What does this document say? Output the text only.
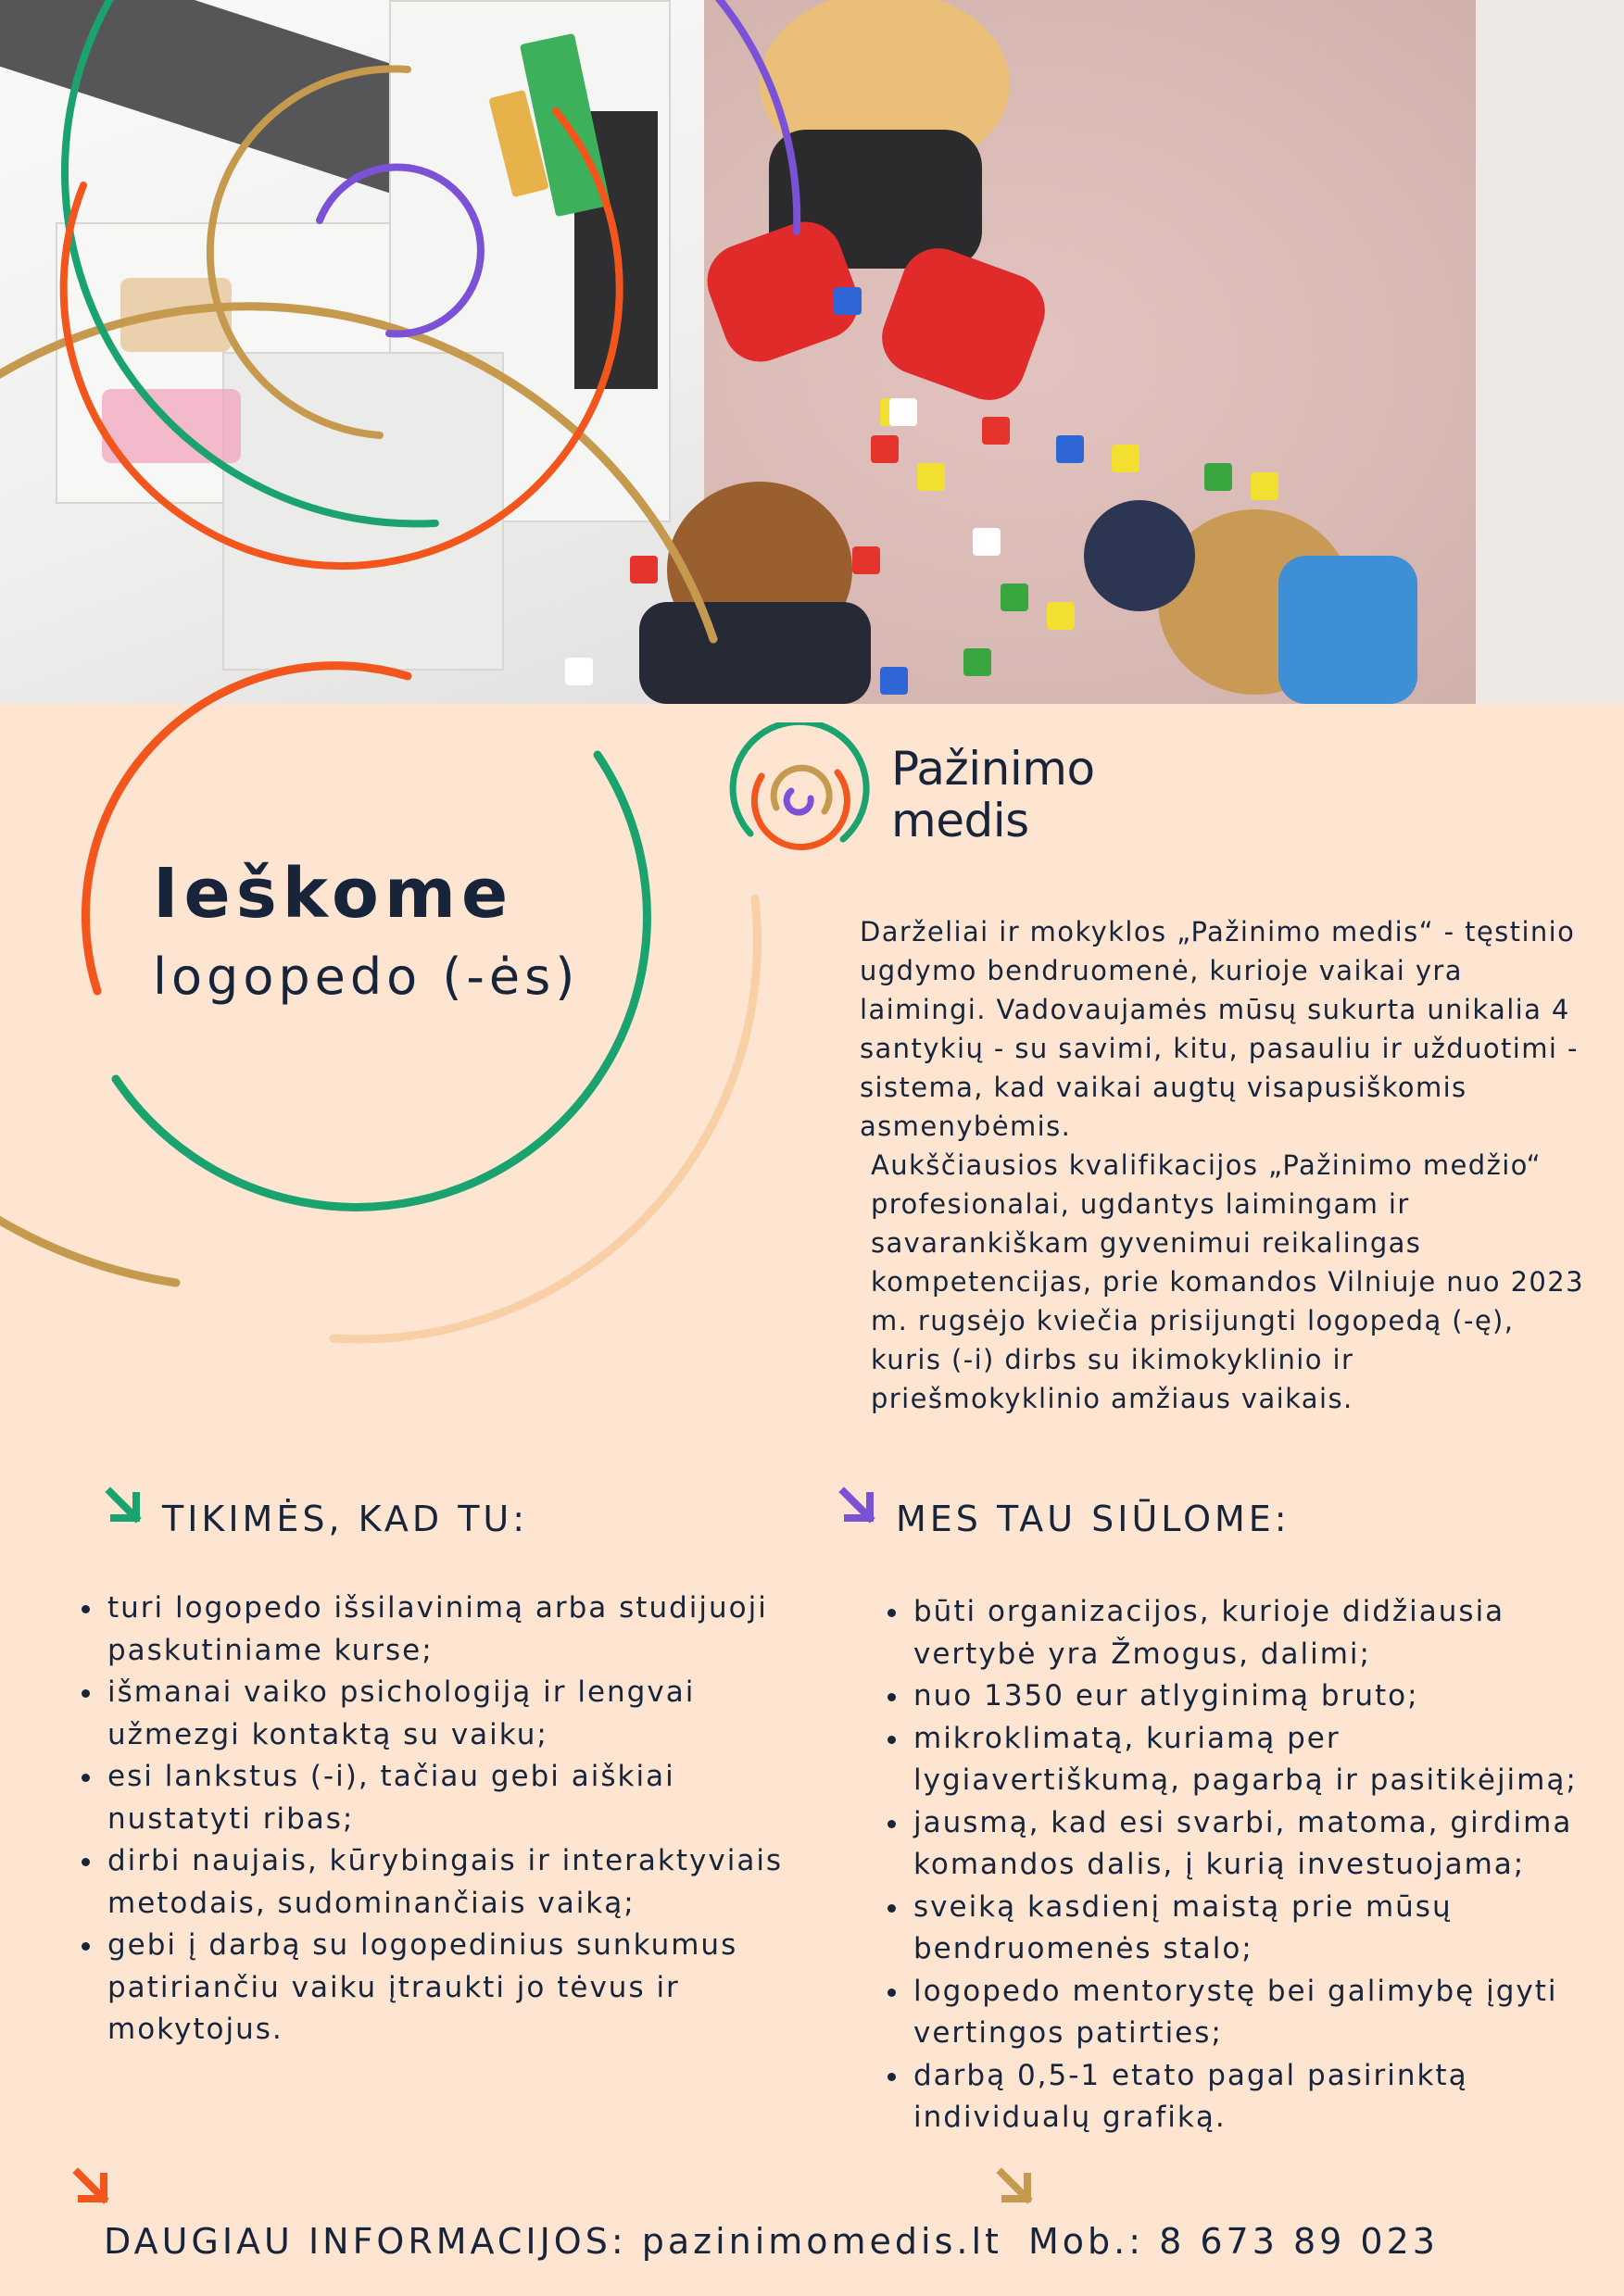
Pažinimo
medis
Ieškome
logopedo (-ės)

Darželiai ir mokyklos „Pažinimo medis“ - tęstinio ugdymo bendruomenė, kurioje vaikai yra laimingi. Vadovaujamės mūsų sukurta unikalia 4 santykių - su savimi, kitu, pasauliu ir užduotimi - sistema, kad vaikai augtų visapusiškomis asmenybėmis.

Aukščiausios kvalifikacijos „Pažinimo medžio“ profesionalai, ugdantys laimingam ir savarankiškam gyvenimui reikalingas kompetencijas, prie komandos Vilniuje nuo 2023 m. rugsėjo kviečia prisijungti logopedą (-ę), kuris (-i) dirbs su ikimokyklinio ir priešmokyklinio amžiaus vaikais.

TIKIMĖS, KAD TU:
turi logopedo išsilavinimą arba studijuoji paskutiniame kurse;
išmanai vaiko psichologiją ir lengvai užmezgi kontaktą su vaiku;
esi lankstus (-i), tačiau gebi aiškiai nustatyti ribas;
dirbi naujais, kūrybingais ir interaktyviais metodais, sudominančiais vaiką;
gebi į darbą su logopedinius sunkumus patiriančiu vaiku įtraukti jo tėvus ir mokytojus.
MES TAU SIŪLOME:
būti organizacijos, kurioje didžiausia vertybė yra Žmogus, dalimi;
nuo 1350 eur atlyginimą bruto;
mikroklimatą, kuriamą per lygiavertiškumą, pagarbą ir pasitikėjimą;
jausmą, kad esi svarbi, matoma, girdima komandos dalis, į kurią investuojama;
sveiką kasdienį maistą prie mūsų bendruomenės stalo;
logopedo mentorystę bei galimybę įgyti vertingos patirties;
darbą 0,5-1 etato pagal pasirinktą individualų grafiką.
DAUGIAU INFORMACIJOS: pazinimomedis.lt Mob.: 8 673 89 023
